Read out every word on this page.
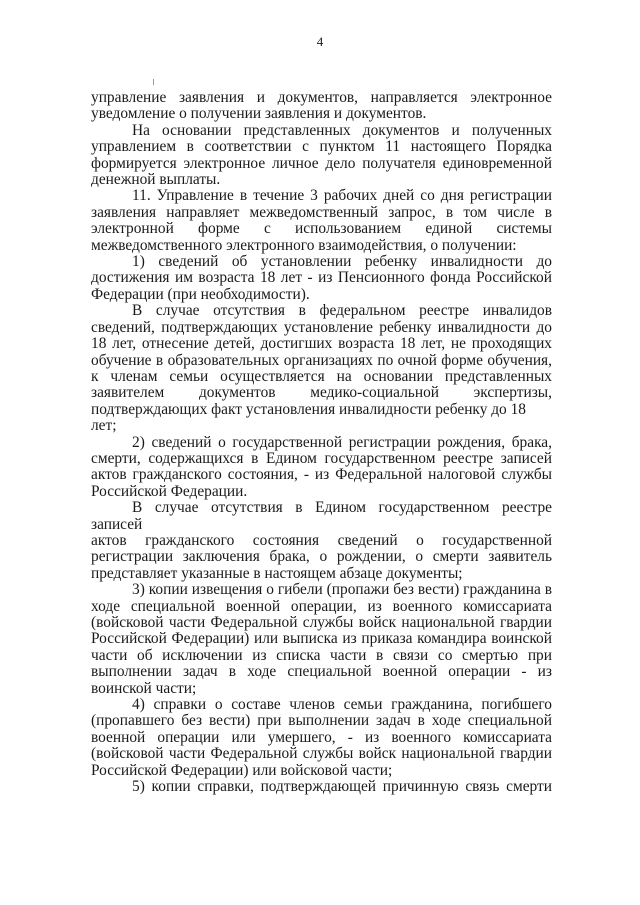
4
управление заявления и документов, направляется электронное
уведомление о получении заявления и документов.
На основании представленных документов и полученных
управлением в соответствии с пунктом 11 настоящего Порядка
формируется электронное личное дело получателя единовременной
денежной выплаты.
11. Управление в течение 3 рабочих дней со дня регистрации
заявления направляет межведомственный запрос, в том числе в
электронной форме с использованием единой системы
межведомственного электронного взаимодействия, о получении:
1) сведений об установлении ребенку инвалидности до
достижения им возраста 18 лет - из Пенсионного фонда Российской
Федерации (при необходимости).
В случае отсутствия в федеральном реестре инвалидов
сведений, подтверждающих установление ребенку инвалидности до
18 лет, отнесение детей, достигших возраста 18 лет, не проходящих
обучение в образовательных организациях по очной форме обучения,
к членам семьи осуществляется на основании представленных
заявителем документов медико-социальной экспертизы,
подтверждающих факт установления инвалидности ребенку до 18 лет;
2) сведений о государственной регистрации рождения, брака,
смерти, содержащихся в Едином государственном реестре записей
актов гражданского состояния, - из Федеральной налоговой службы
Российской Федерации.
В случае отсутствия в Едином государственном реестре записей
актов гражданского состояния сведений о государственной
регистрации заключения брака, о рождении, о смерти заявитель
представляет указанные в настоящем абзаце документы;
3) копии извещения о гибели (пропажи без вести) гражданина в
ходе специальной военной операции, из военного комиссариата
(войсковой части Федеральной службы войск национальной гвардии
Российской Федерации) или выписка из приказа командира воинской
части об исключении из списка части в связи со смертью при
выполнении задач в ходе специальной военной операции - из
воинской части;
4) справки о составе членов семьи гражданина, погибшего
(пропавшего без вести) при выполнении задач в ходе специальной
военной операции или умершего, - из военного комиссариата
(войсковой части Федеральной службы войск национальной гвардии
Российской Федерации) или войсковой части;
5) копии справки, подтверждающей причинную связь смерти
